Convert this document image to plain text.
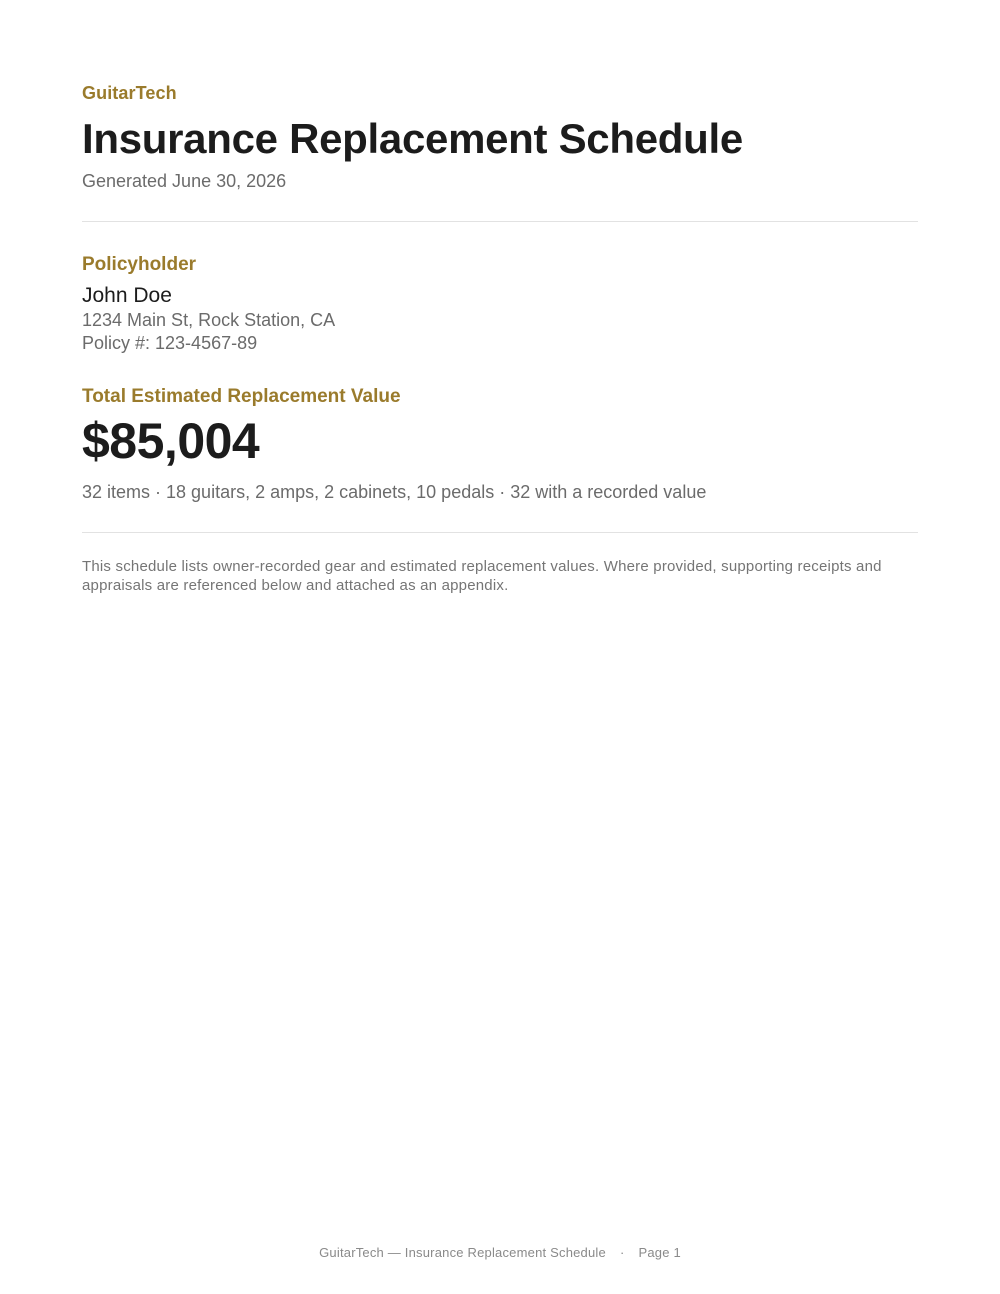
GuitarTech
Insurance Replacement Schedule
Generated June 30, 2026
Policyholder
John Doe
1234 Main St, Rock Station, CA
Policy #: 123-4567-89
Total Estimated Replacement Value
$85,004
32 items · 18 guitars, 2 amps, 2 cabinets, 10 pedals · 32 with a recorded value
This schedule lists owner-recorded gear and estimated replacement values. Where provided, supporting receipts and appraisals are referenced below and attached as an appendix.
GuitarTech — Insurance Replacement Schedule · Page 1
